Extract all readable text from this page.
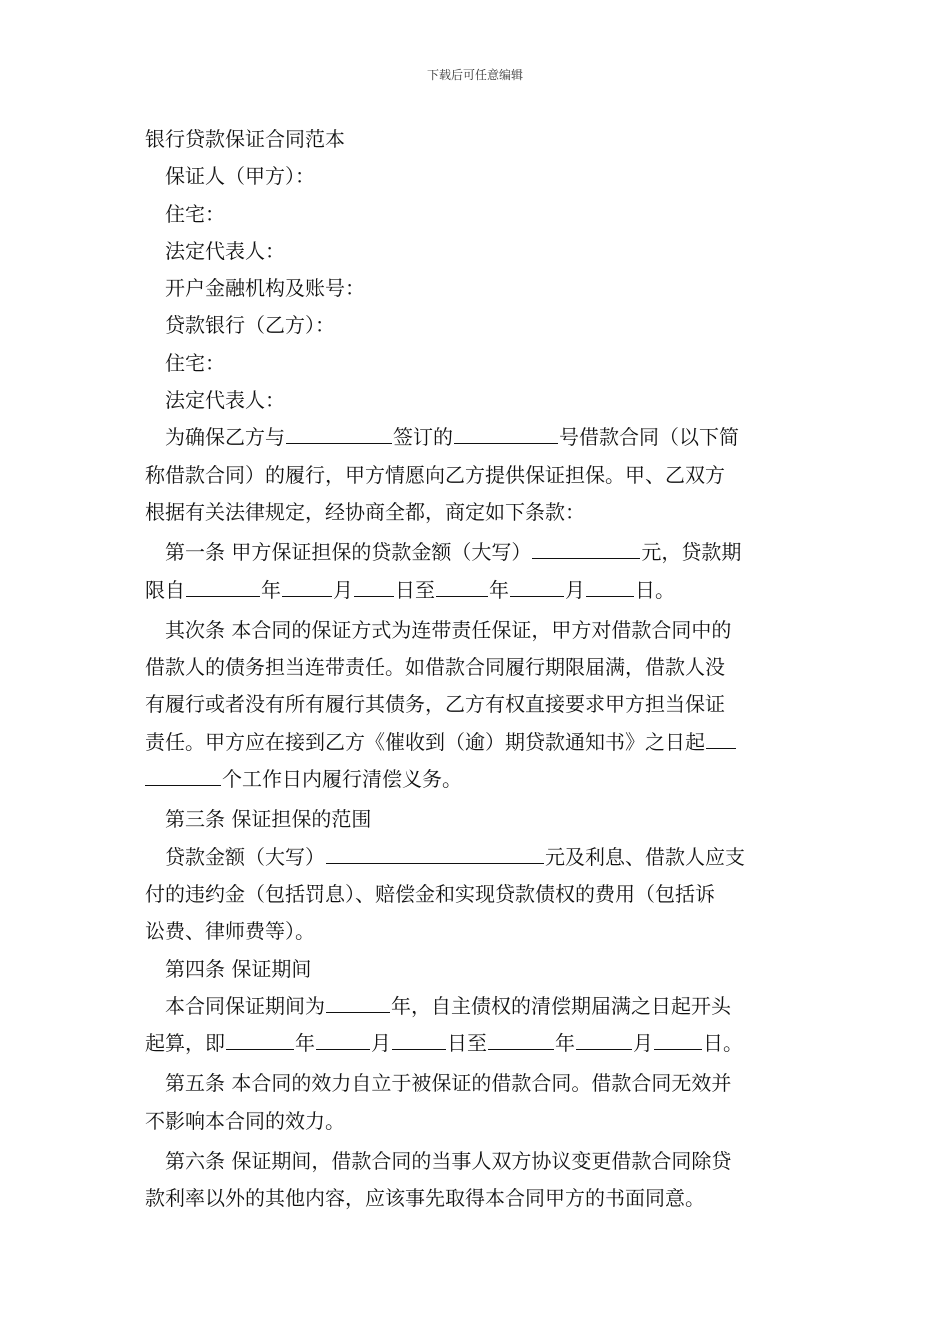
下载后可任意编辑
银行贷款保证合同范本
保证人（甲方）：
住宅：
法定代表人：
开户金融机构及账号：
贷款银行（乙方）：
住宅：
法定代表人：
为确保乙方与	签订的	号借款合同（以下简
称借款合同）的履行，甲方情愿向乙方提供保证担保。甲、乙双方
根据有关法律规定，经协商全都，商定如下条款：
第一条 甲方保证担保的贷款金额（大写）	元，贷款期
限自	年	月 日至	年	月	日。
其次条 本合同的保证方式为连带责任保证，甲方对借款合同中的
借款人的债务担当连带责任。如借款合同履行期限届满，借款人没
有履行或者没有所有履行其债务，乙方有权直接要求甲方担当保证
责任。甲方应在接到乙方《催收到（逾）期贷款通知书》之日起
个工作日内履行清偿义务。
第三条 保证担保的范围
贷款金额（大写）	元及利息、借款人应支
付的违约金（包括罚息）、赔偿金和实现贷款债权的费用（包括诉
讼费、律师费等）。
第四条 保证期间
本合同保证期间为	年，自主债权的清偿期届满之日起开头
起算，即	年	月	日至	年	月	日。
第五条 本合同的效力自立于被保证的借款合同。借款合同无效并
不影响本合同的效力。
第六条 保证期间，借款合同的当事人双方协议变更借款合同除贷
款利率以外的其他内容，应该事先取得本合同甲方的书面同意。
